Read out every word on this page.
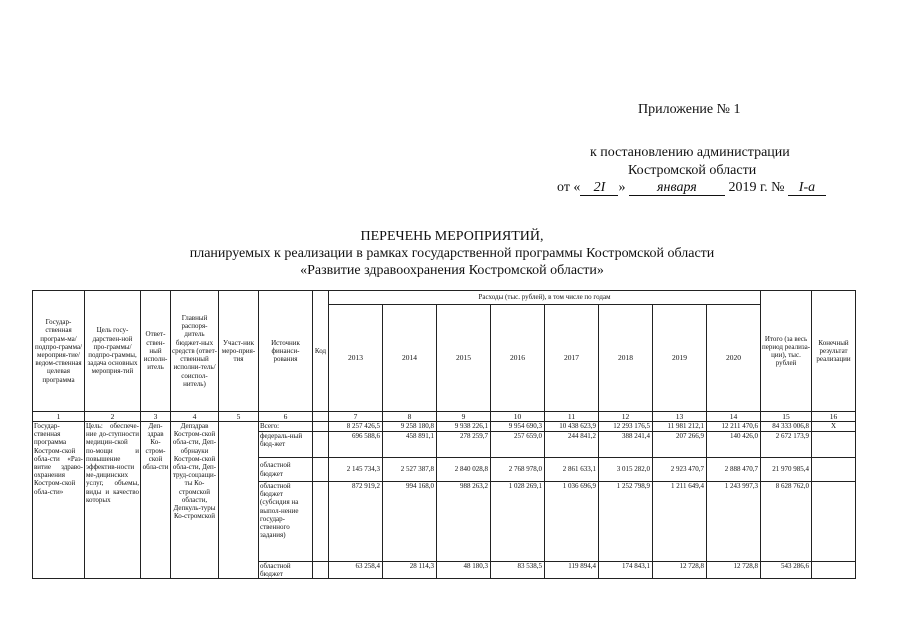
Приложение № 1
к постановлению администрации
Костромской области
от « 2I » января 2019 г. № I-а
ПЕРЕЧЕНЬ МЕРОПРИЯТИЙ,
планируемых к реализации в рамках государственной программы Костромской области
«Развитие здравоохранения Костромской области»
Государ-ственная програм-ма/ подпро-грамма/ мероприя-тие/ ведом-ственная целевая программа	Цель госу-дарствен-ной про-граммы/ подпро-граммы, задача основных мероприя-тий	Ответ-ствен-ный исполн-итель	Главный распоря-дитель бюджет-ных средств (ответ-ственный исполни-тель/ соиспол-нитель)	Участ-ник меро-прия-тия	Источник финанси-рования	Код	Расходы (тыс. рублей), в том числе по годам								Итого (за весь период реализа-ции), тыс. рублей	Конечный результат реализации
							2013	2014	2015	2016	2017	2018	2019	2020		
1	2	3	4	5	6		7	8	9	10	11	12	13	14	15	16
Государ-ственная программа Костром-ской обла-сти «Раз-витие здраво-охранения Костром-ской обла-сти»	Цель: обеспече-ние до-ступности медицин-ской по-мощи и повышение эффектив-ности ме-дицинских услуг, объемы, виды и качество которых	Деп-здрав Ко-стром-ской обла-сти	Депздрав Костром-ской обла-сти, Деп-обрнауки Костром-ской обла-сти, Деп-труд-соцзащи-ты Ко-стромской области, Депкуль-туры Ко-стромской		Всего:		8 257 426,5	9 258 180,8	9 938 226,1	9 954 690,3	10 438 623,9	12 293 176,5	11 981 212,1	12 211 470,6	84 333 006,8	Х
					федераль-ный бюд-жет		696 588,6	458 891,1	278 259,7	257 659,0	244 841,2	388 241,4	207 266,9	140 426,0	2 672 173,9	
					областной бюджет		2 145 734,3	2 527 387,8	2 840 028,8	2 768 978,0	2 861 633,1	3 015 282,0	2 923 470,7	2 888 470,7	21 970 985,4	
					областной бюджет (субсидия на выпол-нение государ-ственного задания)		872 919,2	994 168,0	988 263,2	1 028 269,1	1 036 696,9	1 252 798,9	1 211 649,4	1 243 997,3	8 628 762,0	
					областной бюджет		63 258,4	28 114,3	48 180,3	83 538,5	119 894,4	174 843,1	12 728,8	12 728,8	543 286,6	
